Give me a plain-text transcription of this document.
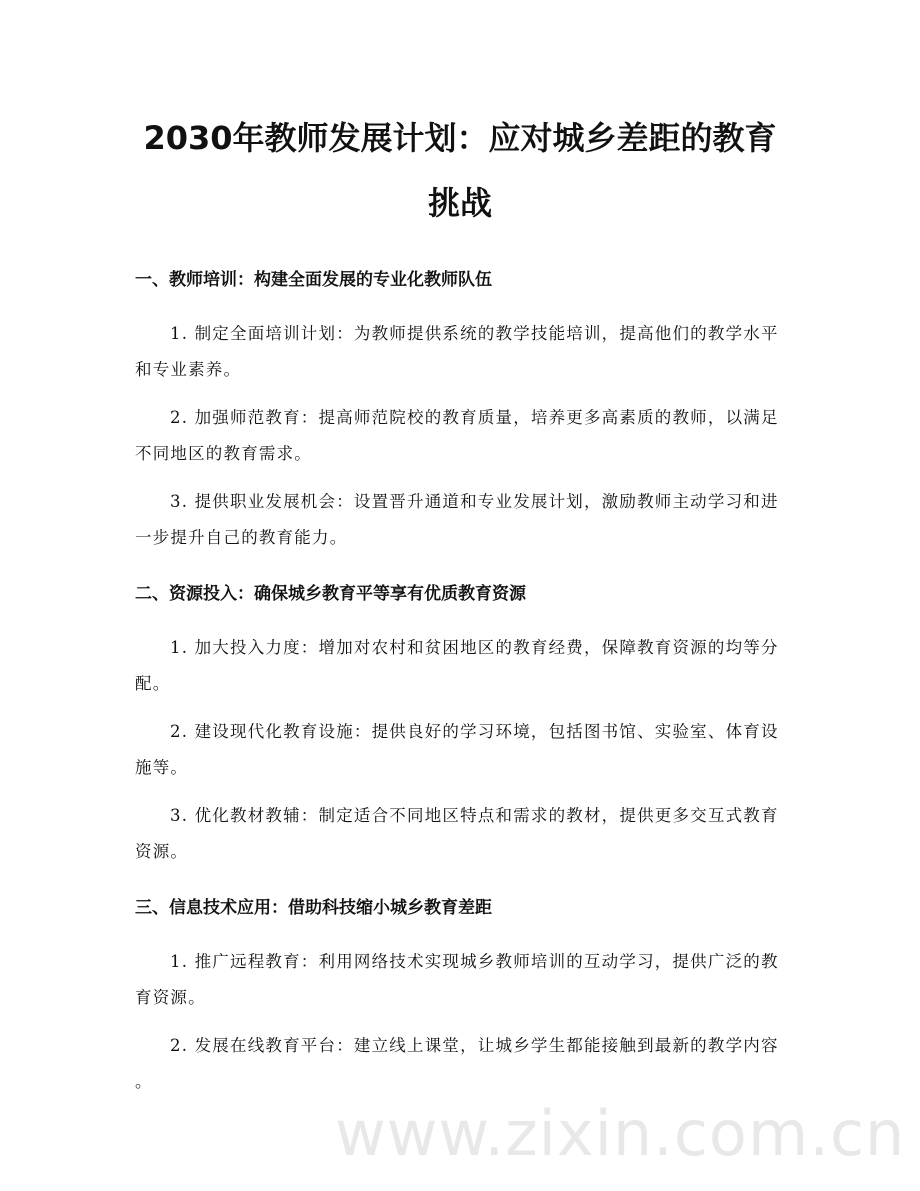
www.zixin.com.cn
2030年教师发展计划：应对城乡差距的教育
挑战
一、教师培训：构建全面发展的专业化教师队伍

1. 制定全面培训计划：为教师提供系统的教学技能培训，提高他们的教学水平
和专业素养。

2. 加强师范教育：提高师范院校的教育质量，培养更多高素质的教师，以满足
不同地区的教育需求。

3. 提供职业发展机会：设置晋升通道和专业发展计划，激励教师主动学习和进
一步提升自己的教育能力。

二、资源投入：确保城乡教育平等享有优质教育资源

1. 加大投入力度：增加对农村和贫困地区的教育经费，保障教育资源的均等分
配。

2. 建设现代化教育设施：提供良好的学习环境，包括图书馆、实验室、体育设
施等。

3. 优化教材教辅：制定适合不同地区特点和需求的教材，提供更多交互式教育
资源。

三、信息技术应用：借助科技缩小城乡教育差距

1. 推广远程教育：利用网络技术实现城乡教师培训的互动学习，提供广泛的教
育资源。

2. 发展在线教育平台：建立线上课堂，让城乡学生都能接触到最新的教学内容
。
